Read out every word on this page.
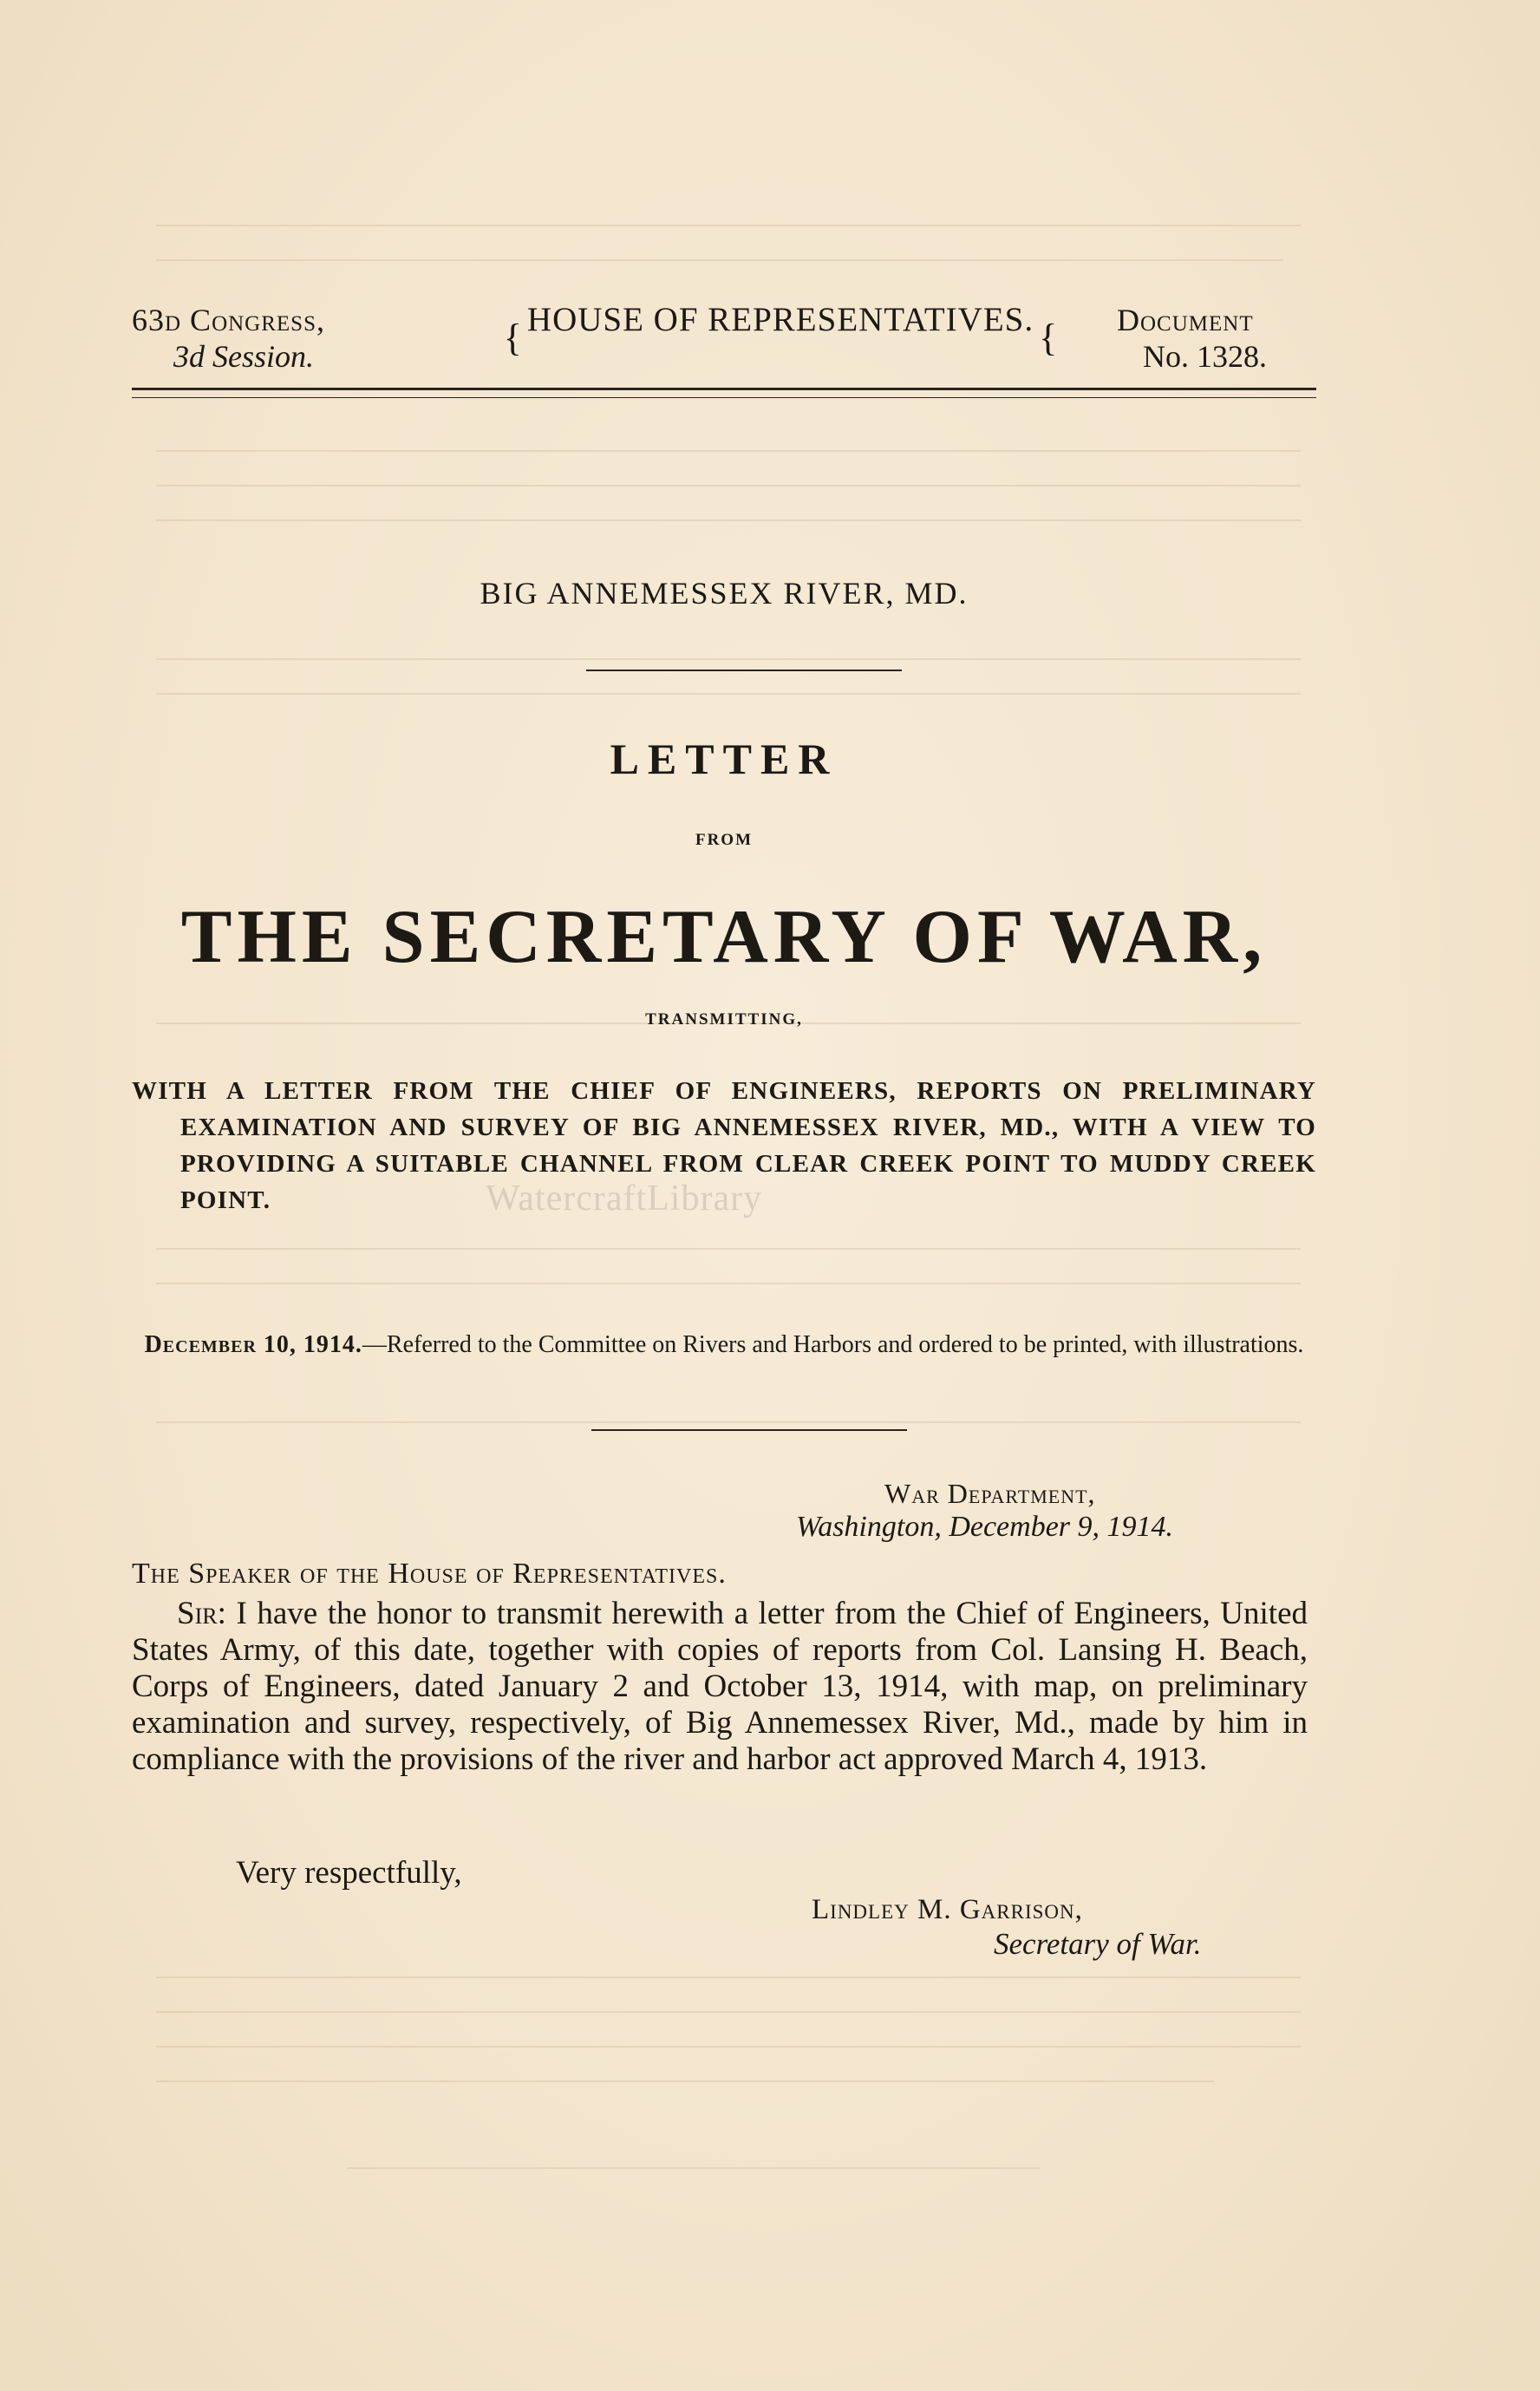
63d Congress,
3d Session.	{ HOUSE OF REPRESENTATIVES. { Document
No. 1328.
BIG ANNEMESSEX RIVER, MD.
LETTER
FROM
THE SECRETARY OF WAR,
TRANSMITTING,
WITH A LETTER FROM THE CHIEF OF ENGINEERS, REPORTS ON PRELIMINARY EXAMINATION AND SURVEY OF BIG ANNEMESSEX RIVER, MD., WITH A VIEW TO PROVIDING A SUITABLE CHANNEL FROM CLEAR CREEK POINT TO MUDDY CREEK POINT.	WatercraftLibrary
December 10, 1914.—Referred to the Committee on Rivers and Harbors and ordered to be printed, with illustrations.
War Department,
Washington, December 9, 1914.
The Speaker of the House of Representatives.
Sir: I have the honor to transmit herewith a letter from the Chief of Engineers, United States Army, of this date, together with copies of reports from Col. Lansing H. Beach, Corps of Engineers, dated January 2 and October 13, 1914, with map, on preliminary examination and survey, respectively, of Big Annemessex River, Md., made by him in compliance with the provisions of the river and harbor act approved March 4, 1913.
Very respectfully,
Lindley M. Garrison,
Secretary of War.
